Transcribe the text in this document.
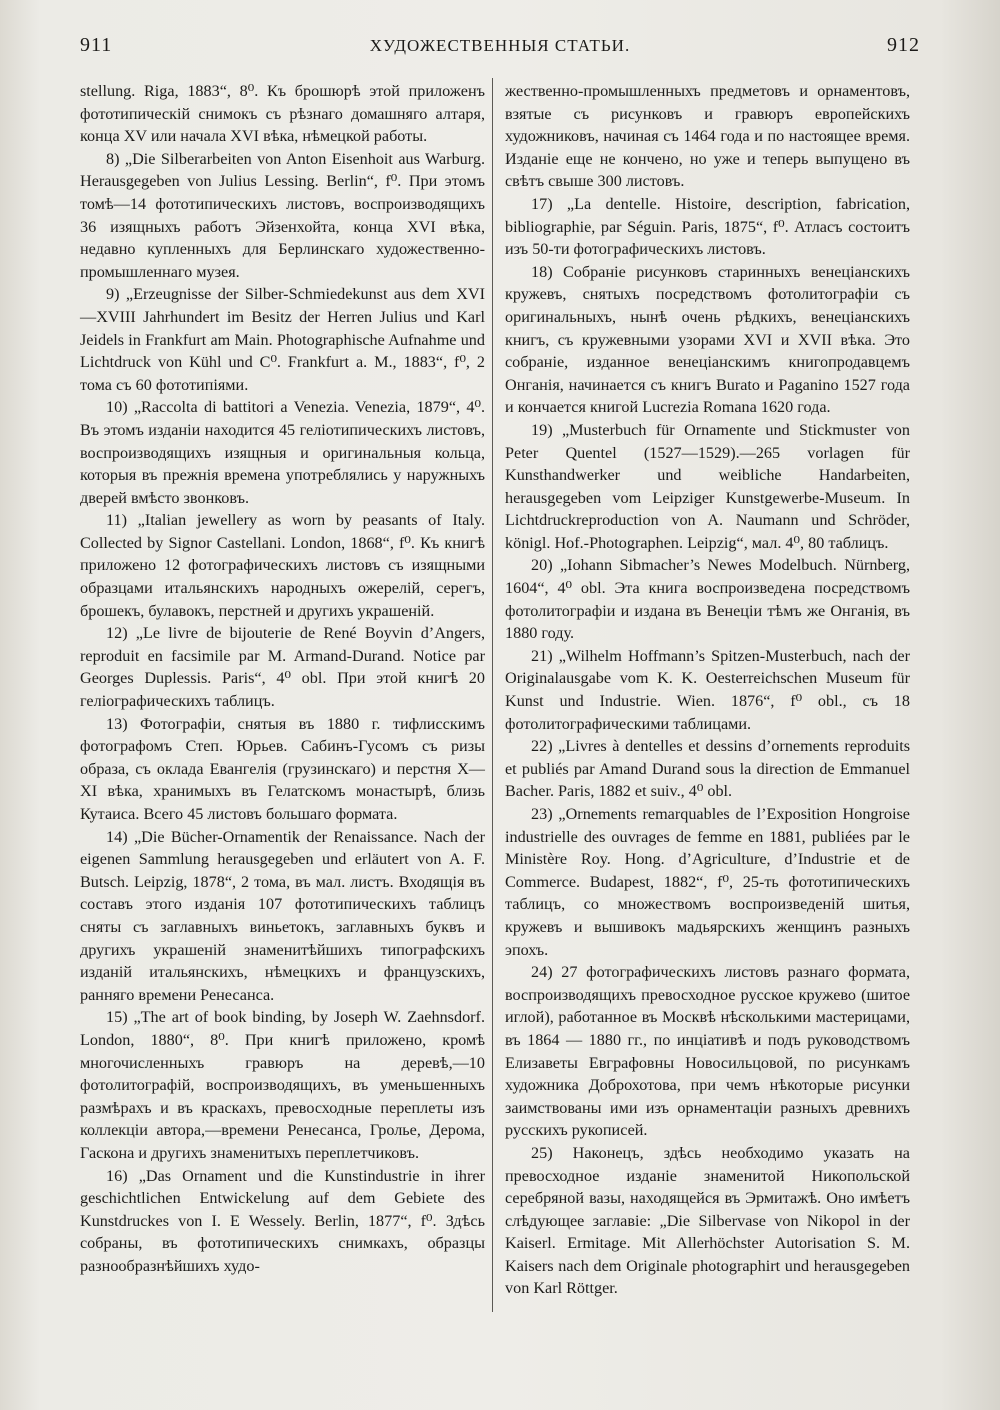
911	ХУДОЖЕСТВЕННЫЯ СТАТЬИ.	912

stellung. Riga, 1883“, 8⁰. Къ брошюрѣ этой приложенъ фототипическій снимокъ съ рѣзнаго домашняго алтаря, конца XV или начала XVI вѣка, нѣмецкой работы.

8) „Die Silberarbeiten von Anton Eisenhoit aus Warburg. Herausgegeben von Julius Lessing. Berlin“, f⁰. При этомъ томѣ—14 фототипическихъ листовъ, воспроизводящихъ 36 изящныхъ работъ Эйзенхойта, конца XVI вѣка, недавно купленныхъ для Берлинскаго художественно-промышленнаго музея.

9) „Erzeugnisse der Silber-Schmiedekunst aus dem XVI—XVIII Jahrhundert im Besitz der Herren Julius und Karl Jeidels in Frankfurt am Main. Photographische Aufnahme und Lichtdruck von Kühl und C⁰. Frankfurt a. M., 1883“, f⁰, 2 тома съ 60 фототипіями.

10) „Raccolta di battitori a Venezia. Venezia, 1879“, 4⁰. Въ этомъ изданіи находится 45 геліотипическихъ листовъ, воспроизводящихъ изящныя и оригинальныя кольца, которыя въ прежнія времена употреблялись у наружныхъ дверей вмѣсто звонковъ.

11) „Italian jewellery as worn by peasants of Italy. Collected by Signor Castellani. London, 1868“, f⁰. Къ книгѣ приложено 12 фотографическихъ листовъ съ изящными образцами итальянскихъ народныхъ ожерелій, серегъ, брошекъ, булавокъ, перстней и другихъ украшеній.

12) „Le livre de bijouterie de René Boyvin d’Angers, reproduit en facsimile par M. Armand-Durand. Notice par Georges Duplessis. Paris“, 4⁰ obl. При этой книгѣ 20 геліографическихъ таблицъ.

13) Фотографіи, снятыя въ 1880 г. тифлисскимъ фотографомъ Степ. Юрьев. Сабинъ-Гусомъ съ ризы образа, съ оклада Евангелія (грузинскаго) и перстня X—XI вѣка, хранимыхъ въ Гелатскомъ монастырѣ, близь Кутаиса. Всего 45 листовъ большаго формата.

14) „Die Bücher-Ornamentik der Renaissance. Nach der eigenen Sammlung herausgegeben und erläutert von A. F. Butsch. Leipzig, 1878“, 2 тома, въ мал. листъ. Входящія въ составъ этого изданія 107 фототипическихъ таблицъ сняты съ заглавныхъ виньетокъ, заглавныхъ буквъ и другихъ украшеній знаменитѣйшихъ типографскихъ изданій итальянскихъ, нѣмецкихъ и французскихъ, ранняго времени Ренесанса.

15) „The art of book binding, by Joseph W. Zaehnsdorf. London, 1880“, 8⁰. При книгѣ приложено, кромѣ многочисленныхъ гравюръ на деревѣ,—10 фотолитографій, воспроизводящихъ, въ уменьшенныхъ размѣрахъ и въ краскахъ, превосходные переплеты изъ коллекціи автора,—времени Ренесанса, Гролье, Дерома, Гаскона и другихъ знаменитыхъ переплетчиковъ.

16) „Das Ornament und die Kunstindustrie in ihrer geschichtlichen Entwickelung auf dem Gebiete des Kunstdruckes von I. E Wessely. Berlin, 1877“, f⁰. Здѣсь собраны, въ фототипическихъ снимкахъ, образцы разнообразнѣйшихъ худо-

жественно-промышленныхъ предметовъ и орнаментовъ, взятые съ рисунковъ и гравюръ европейскихъ художниковъ, начиная съ 1464 года и по настоящее время. Изданіе еще не кончено, но уже и теперь выпущено въ свѣтъ свыше 300 листовъ.

17) „La dentelle. Histoire, description, fabrication, bibliographie, par Séguin. Paris, 1875“, f⁰. Атласъ состоитъ изъ 50-ти фотографическихъ листовъ.

18) Собраніе рисунковъ старинныхъ венеціанскихъ кружевъ, снятыхъ посредствомъ фотолитографіи съ оригинальныхъ, нынѣ очень рѣдкихъ, венеціанскихъ книгъ, съ кружевными узорами XVI и XVII вѣка. Это собраніе, изданное венеціанскимъ книгопродавцемъ Онганія, начинается съ книгъ Burato и Paganino 1527 года и кончается книгой Lucrezia Romana 1620 года.

19) „Musterbuch für Ornamente und Stickmuster von Peter Quentel (1527—1529).—265 vorlagen für Kunsthandwerker und weibliche Handarbeiten, herausgegeben vom Leipziger Kunstgewerbe-Museum. In Lichtdruckreproduction von A. Naumann und Schröder, königl. Hof.-Photographen. Leipzig“, мал. 4⁰, 80 таблицъ.

20) „Iohann Sibmacher’s Newes Modelbuch. Nürnberg, 1604“, 4⁰ obl. Эта книга воспроизведена посредствомъ фотолитографіи и издана въ Венеціи тѣмъ же Онганія, въ 1880 году.

21) „Wilhelm Hoffmann’s Spitzen-Musterbuch, nach der Originalausgabe vom K. K. Oesterreichschen Museum für Kunst und Industrie. Wien. 1876“, f⁰ obl., съ 18 фотолитографическими таблицами.

22) „Livres à dentelles et dessins d’ornements reproduits et publiés par Amand Durand sous la direction de Emmanuel Bacher. Paris, 1882 et suiv., 4⁰ obl.

23) „Ornements remarquables de l’Exposition Hongroise industrielle des ouvrages de femme en 1881, publiées par le Ministère Roy. Hong. d’Agriculture, d’Industrie et de Commerce. Budapest, 1882“, f⁰, 25-ть фототипическихъ таблицъ, со множествомъ воспроизведеній шитья, кружевъ и вышивокъ мадьярскихъ женщинъ разныхъ эпохъ.

24) 27 фотографическихъ листовъ разнаго формата, воспроизводящихъ превосходное русское кружево (шитое иглой), работанное въ Москвѣ нѣсколькими мастерицами, въ 1864 — 1880 гг., по инціативѣ и подъ руководствомъ Елизаветы Евграфовны Новосильцовой, по рисункамъ художника Доброхотова, при чемъ нѣкоторые рисунки заимствованы ими изъ орнаментаціи разныхъ древнихъ русскихъ рукописей.

25) Наконецъ, здѣсь необходимо указать на превосходное изданіе знаменитой Никопольской серебряной вазы, находящейся въ Эрмитажѣ. Оно имѣетъ слѣдующее заглавіе: „Die Silbervase von Nikopol in der Kaiserl. Ermitage. Mit Allerhöchster Autorisation S. M. Kaisers nach dem Originale photographirt und herausgegeben von Karl Röttger.
